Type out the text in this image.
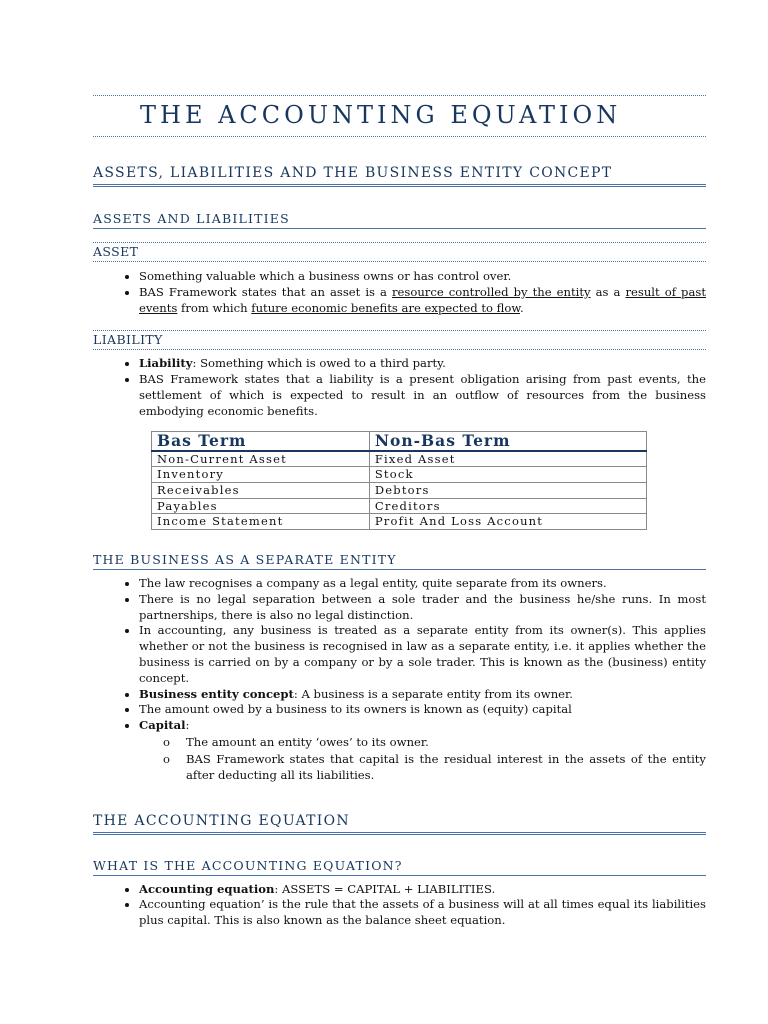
THE ACCOUNTING EQUATION
ASSETS, LIABILITIES AND THE BUSINESS ENTITY CONCEPT
ASSETS AND LIABILITIES
ASSET
• Something valuable which a business owns or has control over.
• BAS Framework states that an asset is a resource controlled by the entity as a result of past events from which future economic benefits are expected to flow.
LIABILITY
• Liability: Something which is owed to a third party.
• BAS Framework states that a liability is a present obligation arising from past events, the settlement of which is expected to result in an outflow of resources from the business embodying economic benefits.
Bas Term	Non-Bas Term
Non-Current Asset	Fixed Asset
Inventory	Stock
Receivables	Debtors
Payables	Creditors
Income Statement	Profit And Loss Account
THE BUSINESS AS A SEPARATE ENTITY
• The law recognises a company as a legal entity, quite separate from its owners.
• There is no legal separation between a sole trader and the business he/she runs. In most partnerships, there is also no legal distinction.
• In accounting, any business is treated as a separate entity from its owner(s). This applies whether or not the business is recognised in law as a separate entity, i.e. it applies whether the business is carried on by a company or by a sole trader. This is known as the (business) entity concept.
• Business entity concept: A business is a separate entity from its owner.
• The amount owed by a business to its owners is known as (equity) capital
• Capital:
o The amount an entity ‘owes’ to its owner.
o BAS Framework states that capital is the residual interest in the assets of the entity after deducting all its liabilities.
THE ACCOUNTING EQUATION
WHAT IS THE ACCOUNTING EQUATION?
• Accounting equation: ASSETS = CAPITAL + LIABILITIES.
• Accounting equation’ is the rule that the assets of a business will at all times equal its liabilities plus capital. This is also known as the balance sheet equation.
